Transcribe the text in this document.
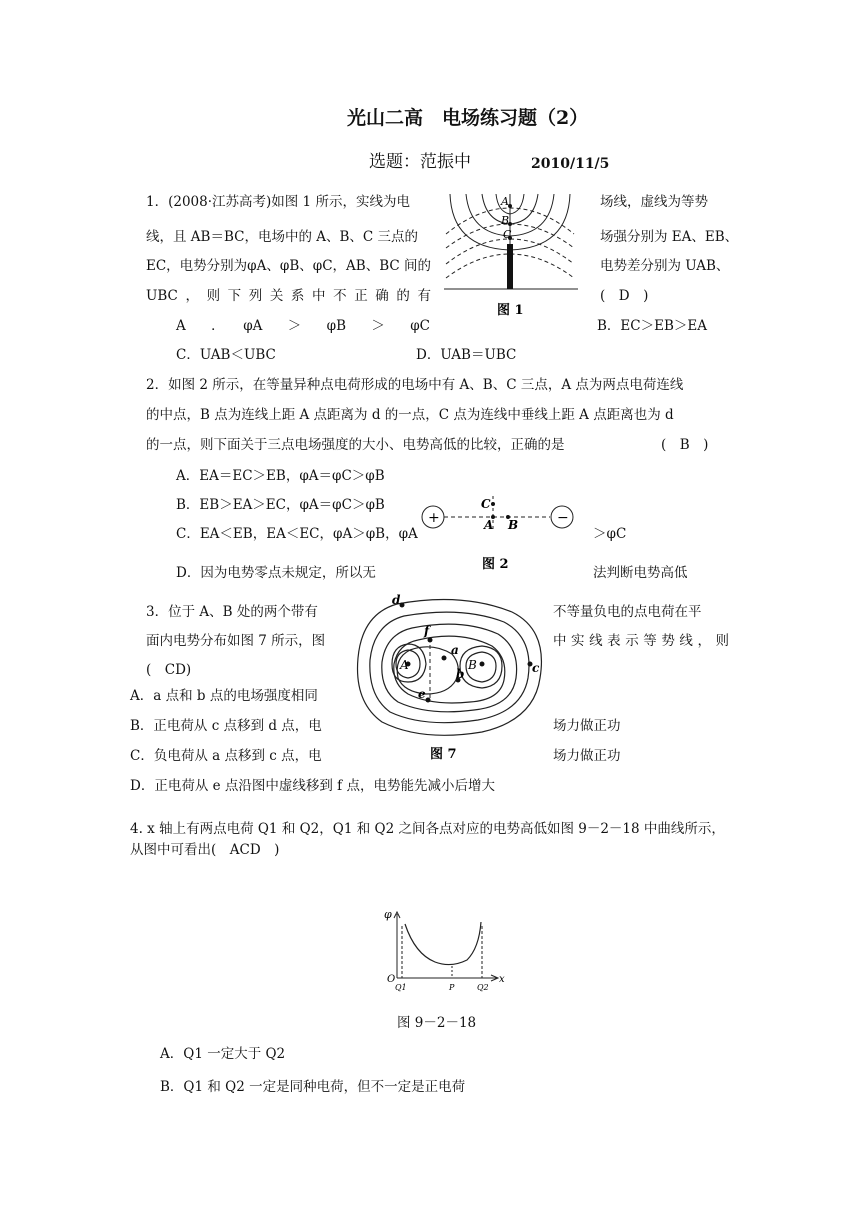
光山二高　电场练习题（2）
选题：范振中	2010/11/5
1．(2008·江苏高考)如图 1 所示，实线为电	场线，虚线为等势
线，且 AB＝BC，电场中的 A、B、C 三点的	场强分别为 EA、EB、
EC，电势分别为φA、φB、φC，AB、BC 间的	电势差分别为 UAB、
UBC，则下列关系中不正确的有	(　D　)
A　．　φA　＞　φB　＞　φC	B．EC＞EB＞EA
C．UAB＜UBC	D．UAB＝UBC
A
B
C
图 1
2．如图 2 所示，在等量异种点电荷形成的电场中有 A、B、C 三点，A 点为两点电荷连线
的中点，B 点为连线上距 A 点距离为 d 的一点，C 点为连线中垂线上距 A 点距离也为 d
的一点，则下面关于三点电场强度的大小、电势高低的比较，正确的是	(　B　)
A．EA＝EC＞EB，φA＝φC＞φB
B．EB＞EA＞EC，φA＝φC＞φB
C．EA＜EB，EA＜EC，φA＞φB，φA	＞φC
D．因为电势零点未规定，所以无	法判断电势高低
+	−
C
A B
图 2
3．位于 A、B 处的两个带有	不等量负电的点电荷在平
面内电势分布如图 7 所示，图	中实线表示等势线，则
(　CD)
A．a 点和 b 点的电场强度相同
B．正电荷从 c 点移到 d 点，电	场力做正功
C．负电荷从 a 点移到 c 点，电	场力做正功
D．正电荷从 e 点沿图中虚线移到 f 点，电势能先减小后增大
d
f
a
A	B
b	c
e
图 7
4. x 轴上有两点电荷 Q1 和 Q2，Q1 和 Q2 之间各点对应的电势高低如图 9－2－18 中曲线所示，
从图中可看出(　ACD　)
φ
O
Q1	P	Q2
x
图 9－2－18
A．Q1 一定大于 Q2
B．Q1 和 Q2 一定是同种电荷，但不一定是正电荷
